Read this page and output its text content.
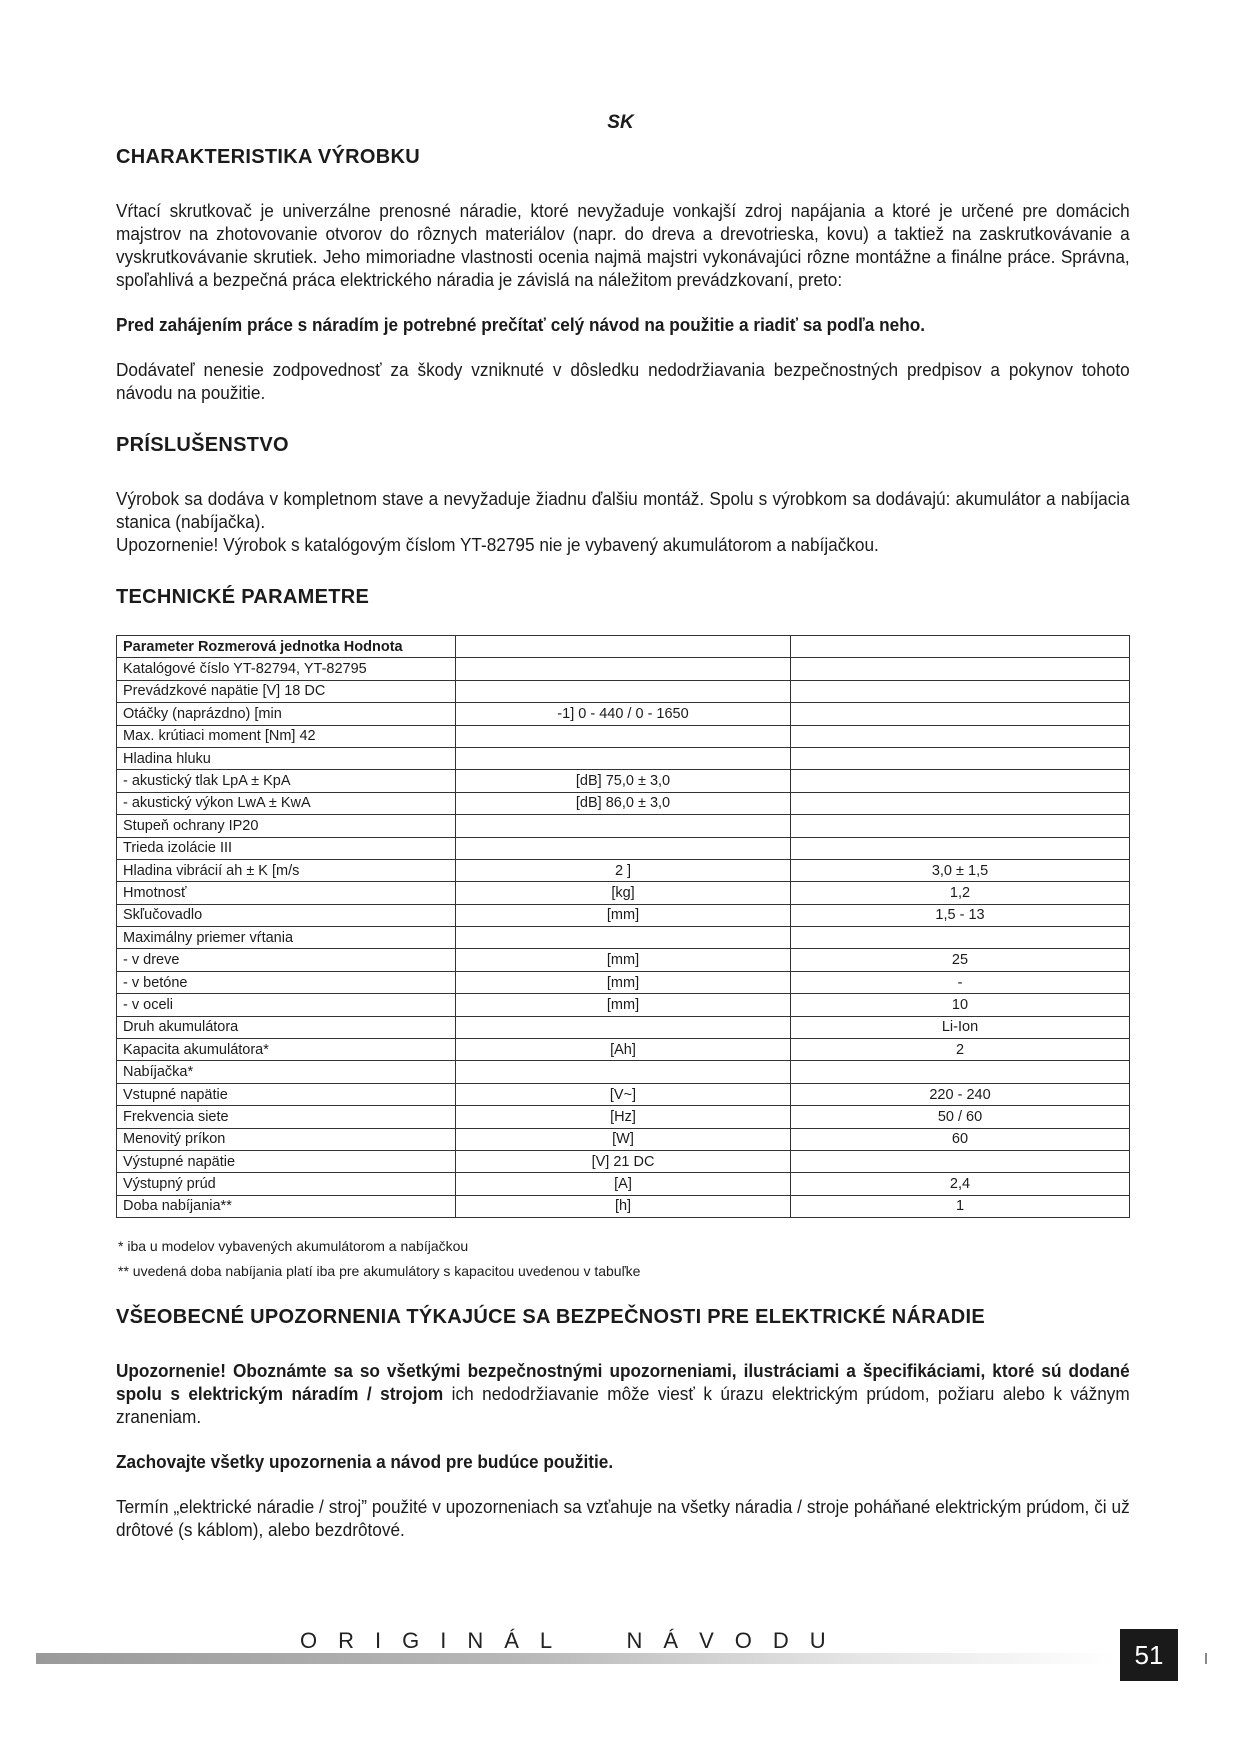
SK
CHARAKTERISTIKA VÝROBKU

Vŕtací skrutkovač je univerzálne prenosné náradie, ktoré nevyžaduje vonkajší zdroj napájania a ktoré je určené pre domácich majstrov na zhotovovanie otvorov do rôznych materiálov (napr. do dreva a drevotrieska, kovu) a taktiež na zaskrutkovávanie a vyskrutkovávanie skrutiek. Jeho mimoriadne vlastnosti ocenia najmä majstri vykonávajúci rôzne montážne a finálne práce. Správna, spoľahlivá a bezpečná práca elektrického náradia je závislá na náležitom prevádzkovaní, preto:

Pred zahájením práce s náradím je potrebné prečítať celý návod na použitie a riadiť sa podľa neho.

Dodávateľ nenesie zodpovednosť za škody vzniknuté v dôsledku nedodržiavania bezpečnostných predpisov a pokynov tohoto návodu na použitie.

PRÍSLUŠENSTVO

Výrobok sa dodáva v kompletnom stave a nevyžaduje žiadnu ďalšiu montáž. Spolu s výrobkom sa dodávajú: akumulátor a nabíjacia stanica (nabíjačka).

Upozornenie! Výrobok s katalógovým číslom YT-82795 nie je vybavený akumulátorom a nabíjačkou.

TECHNICKÉ PARAMETRE
Parameter Rozmerová jednotka Hodnota		
Katalógové číslo YT-82794, YT-82795		
Prevádzkové napätie [V] 18 DC		
Otáčky (naprázdno) [min	-1] 0 - 440 / 0 - 1650	
Max. krútiaci moment [Nm] 42		
Hladina hluku		
- akustický tlak LpA ± KpA	[dB] 75,0 ± 3,0	
- akustický výkon LwA ± KwA	[dB] 86,0 ± 3,0	
Stupeň ochrany IP20		
Trieda izolácie III		
Hladina vibrácií ah ± K [m/s	2 ]	3,0 ± 1,5
Hmotnosť	[kg]	1,2
Skľučovadlo	[mm]	1,5 - 13
Maximálny priemer vŕtania		
- v dreve	[mm]	25
- v betóne	[mm]	-
- v oceli	[mm]	10
Druh akumulátora		Li-Ion
Kapacita akumulátora*	[Ah]	2
Nabíjačka*		
Vstupné napätie	[V~]	220 - 240
Frekvencia siete	[Hz]	50 / 60
Menovitý príkon	[W]	60
Výstupné napätie	[V] 21 DC	
Výstupný prúd	[A]	2,4
Doba nabíjania**	[h]	1
* iba u modelov vybavených akumulátorom a nabíjačkou
** uvedená doba nabíjania platí iba pre akumulátory s kapacitou uvedenou v tabuľke
VŠEOBECNÉ UPOZORNENIA TÝKAJÚCE SA BEZPEČNOSTI PRE ELEKTRICKÉ NÁRADIE

Upozornenie! Oboznámte sa so všetkými bezpečnostnými upozorneniami, ilustráciami a špecifikáciami, ktoré sú dodané spolu s elektrickým náradím / strojom ich nedodržiavanie môže viesť k úrazu elektrickým prúdom, požiaru alebo k vážnym zraneniam.

Zachovajte všetky upozornenia a návod pre budúce použitie.

Termín „elektrické náradie / stroj” použité v upozorneniach sa vzťahuje na všetky náradia / stroje poháňané elektrickým prúdom, či už drôtové (s káblom), alebo bezdrôtové.

ORIGINÁL  NÁVODU	51
